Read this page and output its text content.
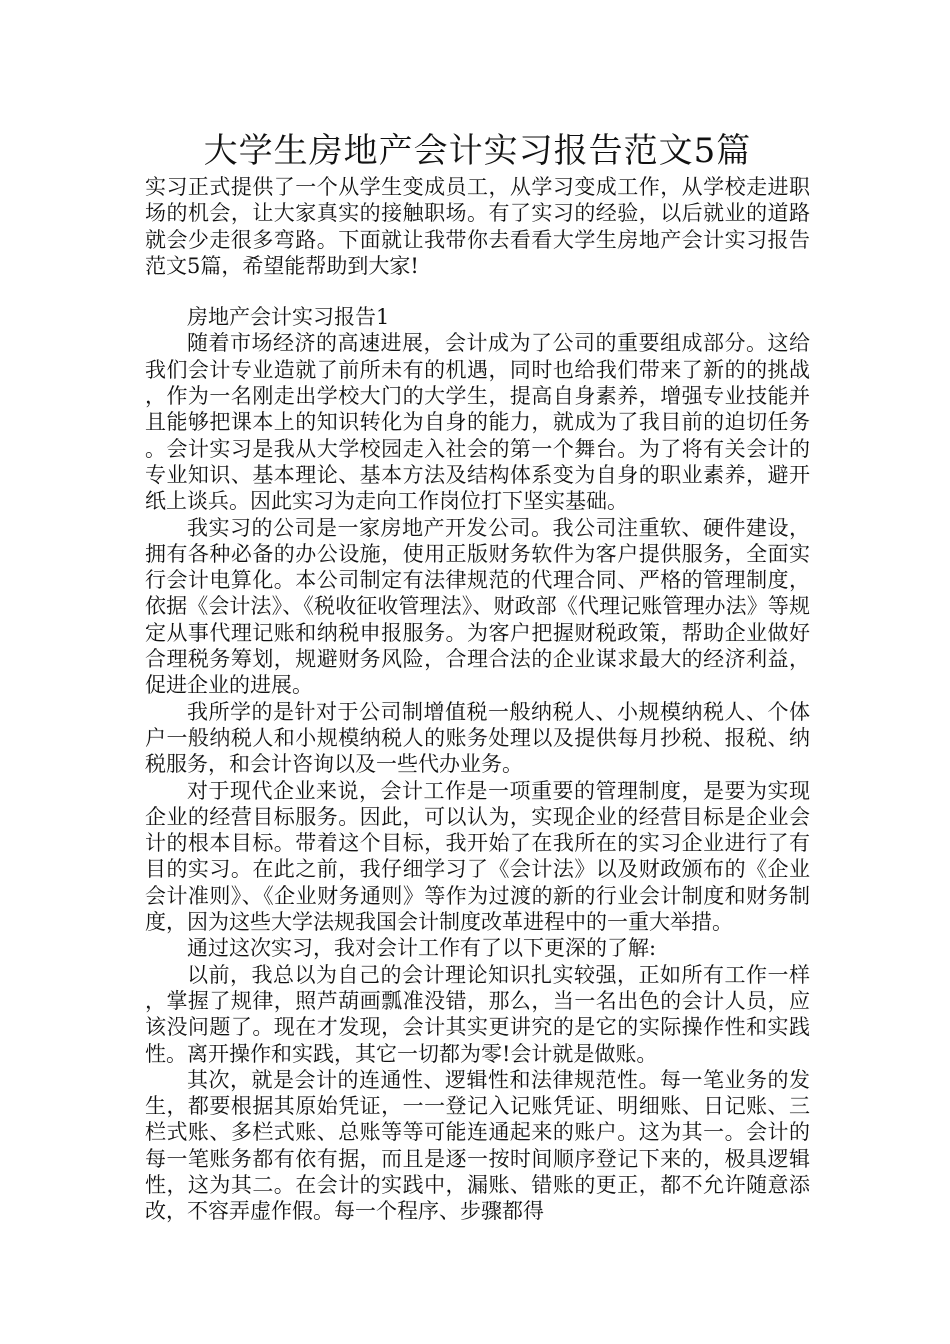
大学生房地产会计实习报告范文5篇

实习正式提供了一个从学生变成员工，从学习变成工作，从学校走进职场的机会，让大家真实的接触职场。有了实习的经验，以后就业的道路就会少走很多弯路。下面就让我带你去看看大学生房地产会计实习报告范文5篇，希望能帮助到大家!

房地产会计实习报告1

随着市场经济的高速进展，会计成为了公司的重要组成部分。这给我们会计专业造就了前所未有的机遇，同时也给我们带来了新的的挑战，作为一名刚走出学校大门的大学生，提高自身素养，增强专业技能并且能够把课本上的知识转化为自身的能力，就成为了我目前的迫切任务。会计实习是我从大学校园走入社会的第一个舞台。为了将有关会计的专业知识、基本理论、基本方法及结构体系变为自身的职业素养，避开纸上谈兵。因此实习为走向工作岗位打下坚实基础。

我实习的公司是一家房地产开发公司。我公司注重软、硬件建设，拥有各种必备的办公设施，使用正版财务软件为客户提供服务，全面实行会计电算化。本公司制定有法律规范的代理合同、严格的管理制度，依据《会计法》、《税收征收管理法》、财政部《代理记账管理办法》等规定从事代理记账和纳税申报服务。为客户把握财税政策，帮助企业做好合理税务筹划，规避财务风险，合理合法的企业谋求最大的经济利益，促进企业的进展。

我所学的是针对于公司制增值税一般纳税人、小规模纳税人、个体户一般纳税人和小规模纳税人的账务处理以及提供每月抄税、报税、纳税服务，和会计咨询以及一些代办业务。

对于现代企业来说，会计工作是一项重要的管理制度，是要为实现企业的经营目标服务。因此，可以认为，实现企业的经营目标是企业会计的根本目标。带着这个目标，我开始了在我所在的实习企业进行了有目的实习。在此之前，我仔细学习了《会计法》以及财政颁布的《企业会计准则》、《企业财务通则》等作为过渡的新的行业会计制度和财务制度，因为这些大学法规我国会计制度改革进程中的一重大举措。

通过这次实习，我对会计工作有了以下更深的了解:

以前，我总以为自己的会计理论知识扎实较强，正如所有工作一样，掌握了规律，照芦葫画瓢准没错，那么，当一名出色的会计人员，应该没问题了。现在才发现，会计其实更讲究的是它的实际操作性和实践性。离开操作和实践，其它一切都为零!会计就是做账。

其次，就是会计的连通性、逻辑性和法律规范性。每一笔业务的发生，都要根据其原始凭证，一一登记入记账凭证、明细账、日记账、三栏式账、多栏式账、总账等等可能连通起来的账户。这为其一。会计的每一笔账务都有依有据，而且是逐一按时间顺序登记下来的，极具逻辑性，这为其二。在会计的实践中，漏账、错账的更正，都不允许随意添改，不容弄虚作假。每一个程序、步骤都得
